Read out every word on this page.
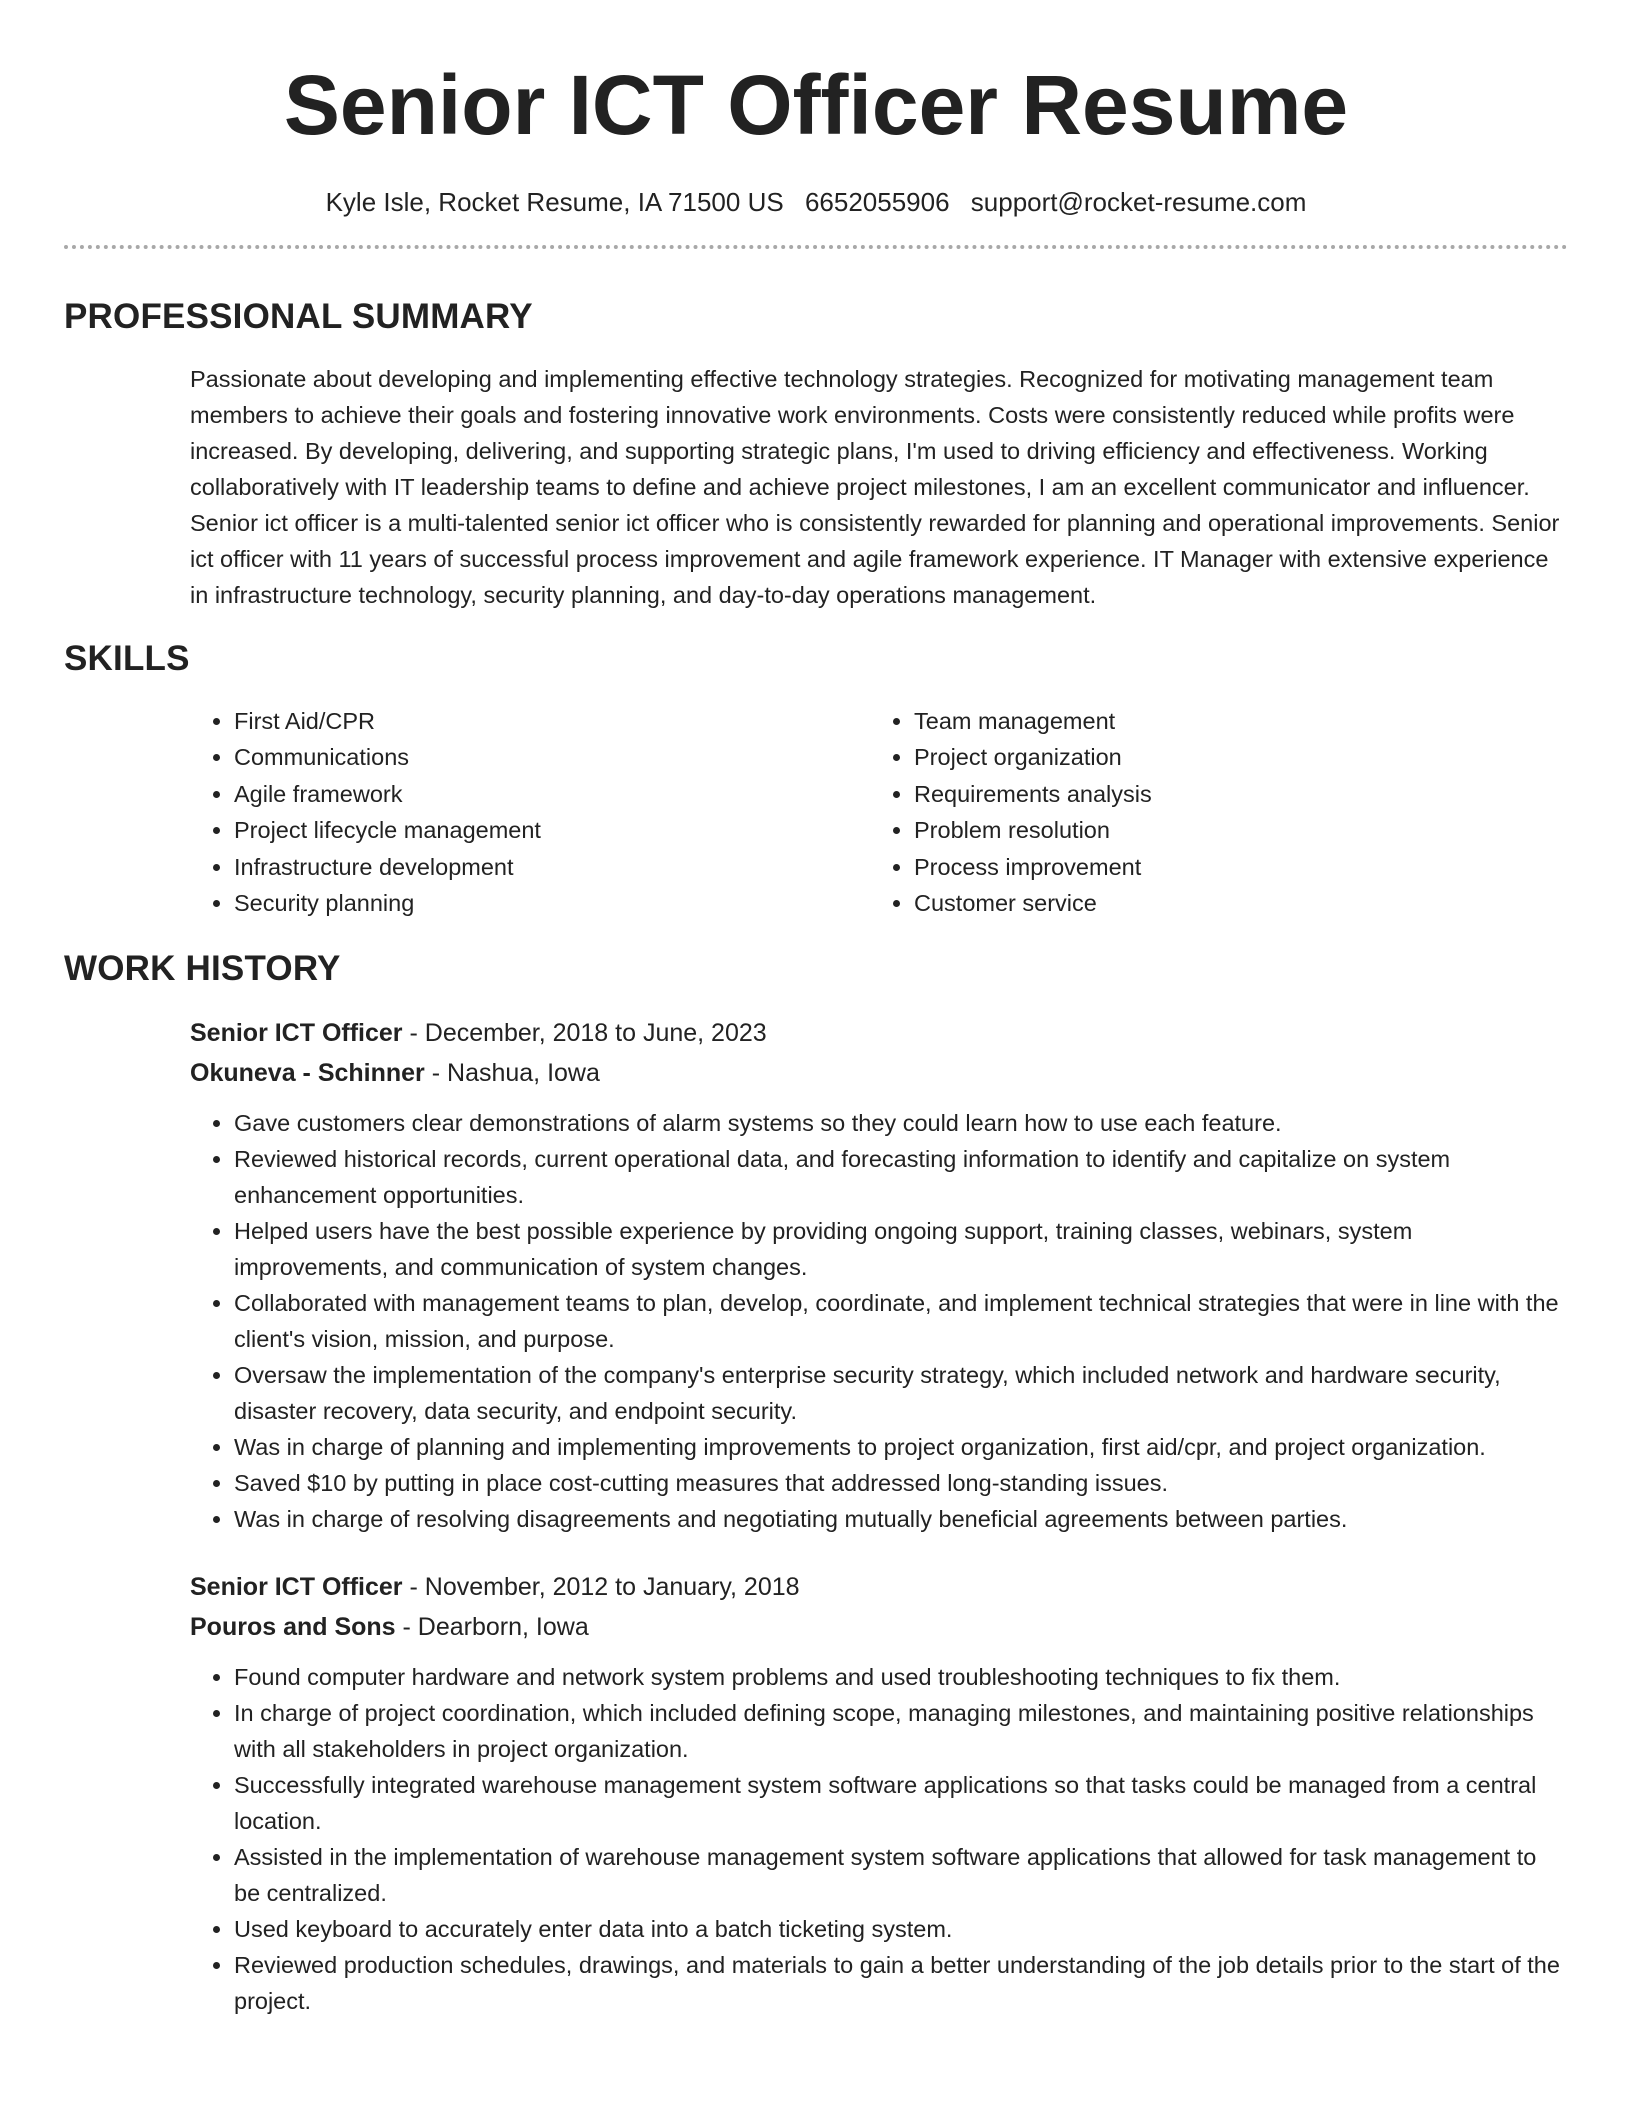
Senior ICT Officer Resume
Kyle Isle, Rocket Resume, IA 71500 US 6652055906 support@rocket-resume.com
PROFESSIONAL SUMMARY

Passionate about developing and implementing effective technology strategies. Recognized for motivating management team members to achieve their goals and fostering innovative work environments. Costs were consistently reduced while profits were increased. By developing, delivering, and supporting strategic plans, I'm used to driving efficiency and effectiveness. Working collaboratively with IT leadership teams to define and achieve project milestones, I am an excellent communicator and influencer. Senior ict officer is a multi-talented senior ict officer who is consistently rewarded for planning and operational improvements. Senior ict officer with 11 years of successful process improvement and agile framework experience. IT Manager with extensive experience in infrastructure technology, security planning, and day-to-day operations management.

SKILLS
• First Aid/CPR
• Communications
• Agile framework
• Project lifecycle management
• Infrastructure development
• Security planning
• Team management
• Project organization
• Requirements analysis
• Problem resolution
• Process improvement
• Customer service
WORK HISTORY
Senior ICT Officer - December, 2018 to June, 2023
Okuneva - Schinner - Nashua, Iowa
• Gave customers clear demonstrations of alarm systems so they could learn how to use each feature.
• Reviewed historical records, current operational data, and forecasting information to identify and capitalize on system enhancement opportunities.
• Helped users have the best possible experience by providing ongoing support, training classes, webinars, system improvements, and communication of system changes.
• Collaborated with management teams to plan, develop, coordinate, and implement technical strategies that were in line with the client's vision, mission, and purpose.
• Oversaw the implementation of the company's enterprise security strategy, which included network and hardware security, disaster recovery, data security, and endpoint security.
• Was in charge of planning and implementing improvements to project organization, first aid/cpr, and project organization.
• Saved $10 by putting in place cost-cutting measures that addressed long-standing issues.
• Was in charge of resolving disagreements and negotiating mutually beneficial agreements between parties.
Senior ICT Officer - November, 2012 to January, 2018
Pouros and Sons - Dearborn, Iowa
• Found computer hardware and network system problems and used troubleshooting techniques to fix them.
• In charge of project coordination, which included defining scope, managing milestones, and maintaining positive relationships with all stakeholders in project organization.
• Successfully integrated warehouse management system software applications so that tasks could be managed from a central location.
• Assisted in the implementation of warehouse management system software applications that allowed for task management to be centralized.
• Used keyboard to accurately enter data into a batch ticketing system.
• Reviewed production schedules, drawings, and materials to gain a better understanding of the job details prior to the start of the project.
